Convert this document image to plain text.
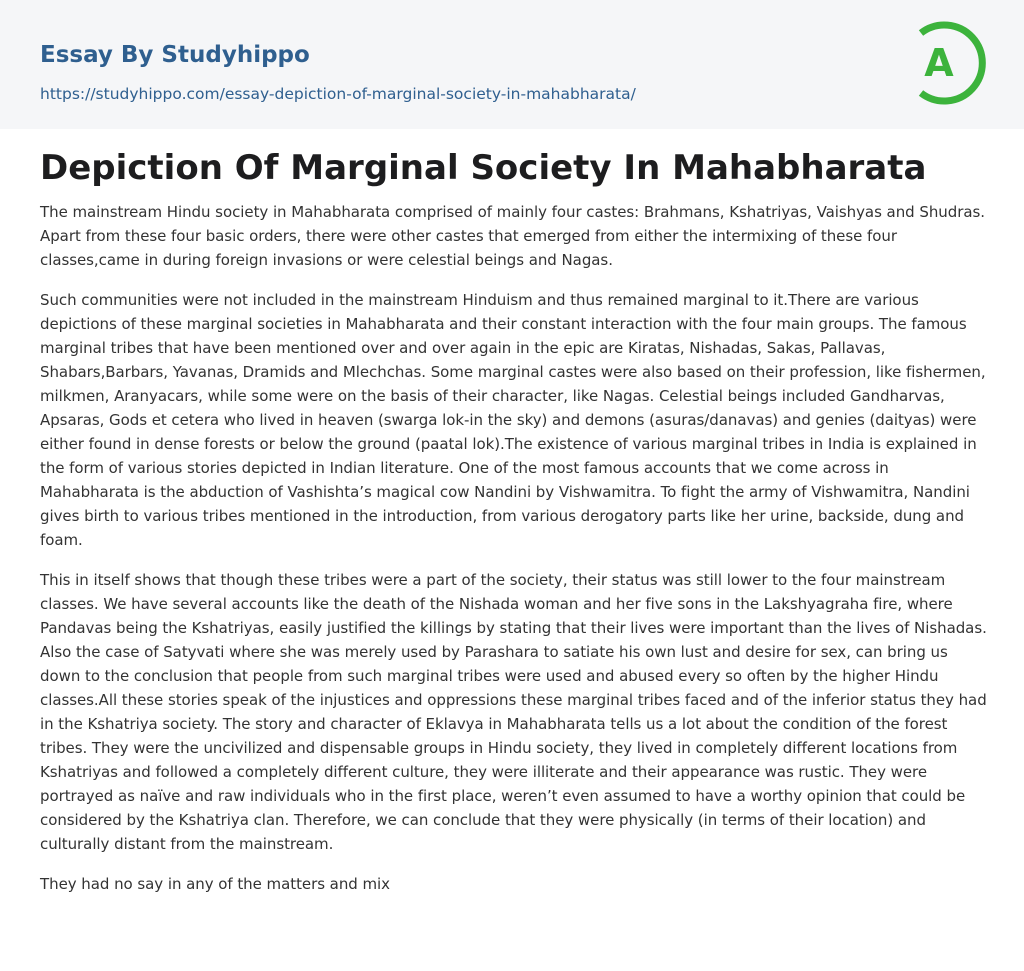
Essay By Studyhippo
https://studyhippo.com/essay-depiction-of-marginal-society-in-mahabharata/
A
Depiction Of Marginal Society In Mahabharata

The mainstream Hindu society in Mahabharata comprised of mainly four castes: Brahmans, Kshatriyas, Vaishyas and Shudras. Apart from these four basic orders, there were other castes that emerged from either the intermixing of these four classes,came in during foreign invasions or were celestial beings and Nagas.

Such communities were not included in the mainstream Hinduism and thus remained marginal to it.There are various depictions of these marginal societies in Mahabharata and their constant interaction with the four main groups. The famous marginal tribes that have been mentioned over and over again in the epic are Kiratas, Nishadas, Sakas, Pallavas, Shabars,Barbars, Yavanas, Dramids and Mlechchas. Some marginal castes were also based on their profession, like fishermen, milkmen, Aranyacars, while some were on the basis of their character, like Nagas. Celestial beings included Gandharvas, Apsaras, Gods et cetera who lived in heaven (swarga lok-in the sky) and demons (asuras/danavas) and genies (daityas) were either found in dense forests or below the ground (paatal lok).The existence of various marginal tribes in India is explained in the form of various stories depicted in Indian literature. One of the most famous accounts that we come across in Mahabharata is the abduction of Vashishta’s magical cow Nandini by Vishwamitra. To fight the army of Vishwamitra, Nandini gives birth to various tribes mentioned in the introduction, from various derogatory parts like her urine, backside, dung and foam.

This in itself shows that though these tribes were a part of the society, their status was still lower to the four mainstream classes. We have several accounts like the death of the Nishada woman and her five sons in the Lakshyagraha fire, where Pandavas being the Kshatriyas, easily justified the killings by stating that their lives were important than the lives of Nishadas. Also the case of Satyvati where she was merely used by Parashara to satiate his own lust and desire for sex, can bring us down to the conclusion that people from such marginal tribes were used and abused every so often by the higher Hindu classes.All these stories speak of the injustices and oppressions these marginal tribes faced and of the inferior status they had in the Kshatriya society. The story and character of Eklavya in Mahabharata tells us a lot about the condition of the forest tribes. They were the uncivilized and dispensable groups in Hindu society, they lived in completely different locations from Kshatriyas and followed a completely different culture, they were illiterate and their appearance was rustic. They were portrayed as naïve and raw individuals who in the first place, weren’t even assumed to have a worthy opinion that could be considered by the Kshatriya clan. Therefore, we can conclude that they were physically (in terms of their location) and culturally distant from the mainstream.

They had no say in any of the matters and mix
